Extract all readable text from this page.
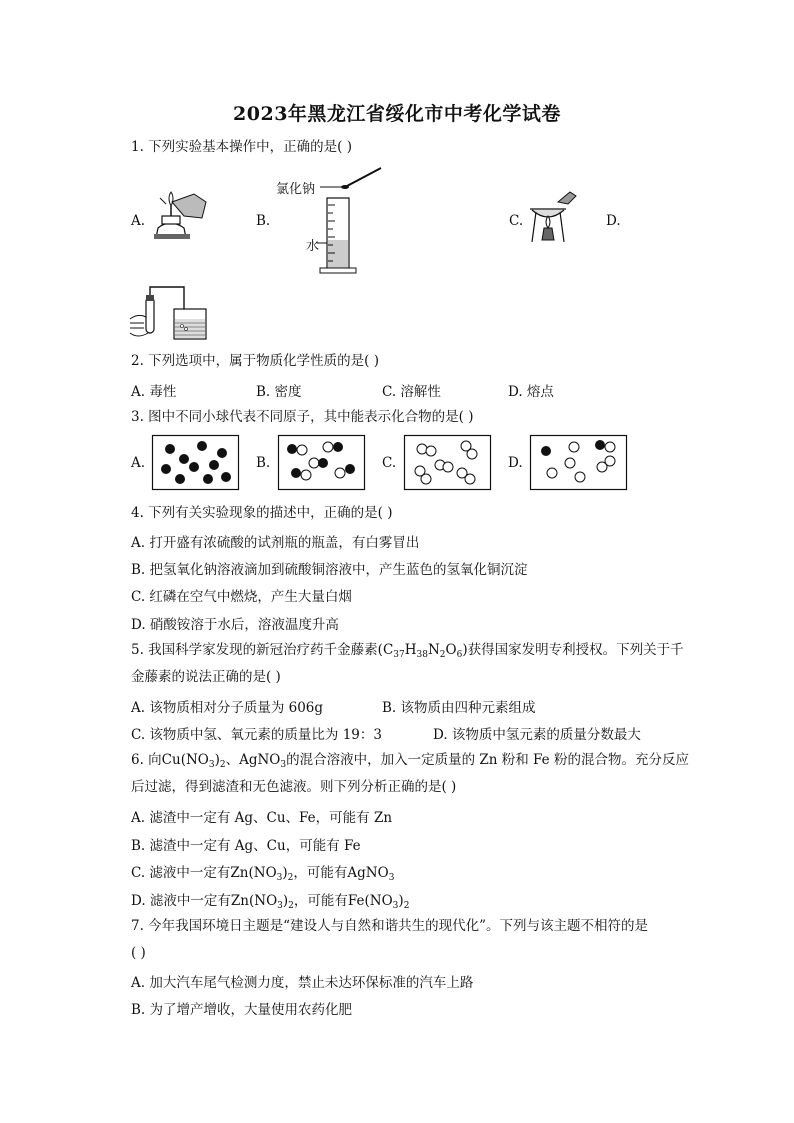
2023年黑龙江省绥化市中考化学试卷
1. 下列实验基本操作中，正确的是( )
A.	B.
氯化钠
水
C.	D.
2. 下列选项中，属于物质化学性质的是( )
A. 毒性	B. 密度	C. 溶解性	D. 熔点
3. 图中不同小球代表不同原子，其中能表示化合物的是( )
A.	B.	C.	D.
4. 下列有关实验现象的描述中，正确的是( )
A. 打开盛有浓硫酸的试剂瓶的瓶盖，有白雾冒出
B. 把氢氧化钠溶液滴加到硫酸铜溶液中，产生蓝色的氢氧化铜沉淀
C. 红磷在空气中燃烧，产生大量白烟
D. 硝酸铵溶于水后，溶液温度升高
5. 我国科学家发现的新冠治疗药千金藤素$(C_{37}H_{38}N_2O_6)$获得国家发明专利授权。下列关于千
金藤素的说法正确的是( )
A. 该物质相对分子质量为 606g	B. 该物质由四种元素组成
C. 该物质中氢、氧元素的质量比为 19：3	D. 该物质中氢元素的质量分数最大
6. 向$Cu(NO_3)_2$、AgNO$_3$的混合溶液中，加入一定质量的 Zn 粉和 Fe 粉的混合物。充分反应
后过滤，得到滤渣和无色滤液。则下列分析正确的是( )
A. 滤渣中一定有 Ag、Cu、Fe，可能有 Zn
B. 滤渣中一定有 Ag、Cu，可能有 Fe
C. 滤液中一定有$Zn(NO_3)_2$，可能有AgNO$_3$
D. 滤液中一定有$Zn(NO_3)_2$，可能有$Fe(NO_3)_2$
7. 今年我国环境日主题是“建设人与自然和谐共生的现代化”。下列与该主题不相符的是
( )
A. 加大汽车尾气检测力度，禁止未达环保标准的汽车上路
B. 为了增产增收，大量使用农药化肥
